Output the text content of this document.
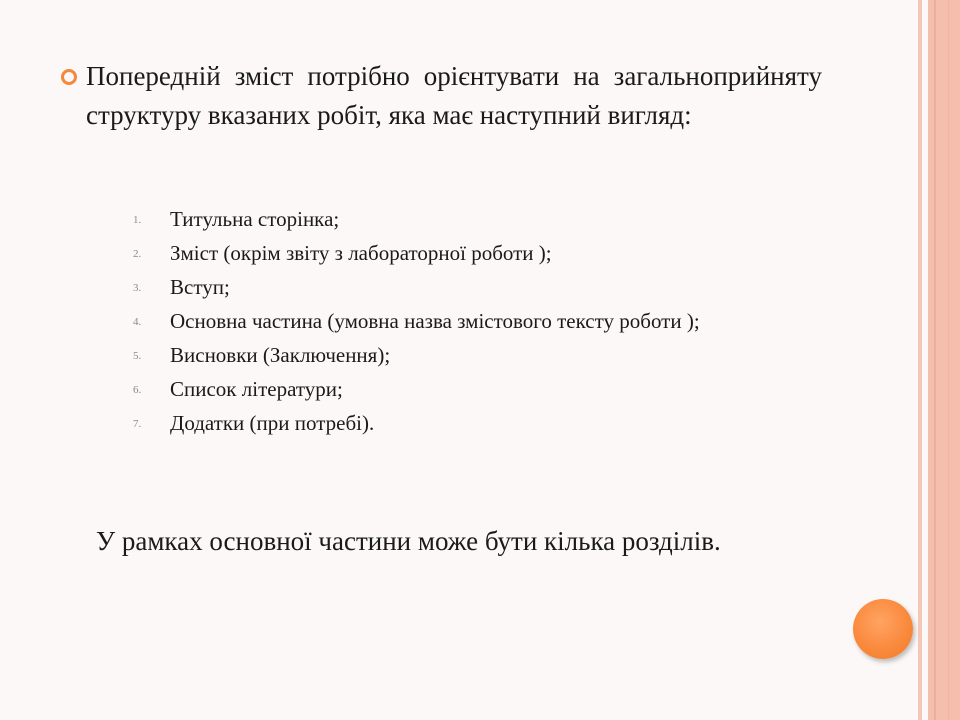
Попередній зміст потрібно орієнтувати на загальноприйняту структуру вказаних робіт, яка має наступний вигляд:

1. Титульна сторінка;
2. Зміст (окрім звіту з лабораторної роботи );
3. Вступ;
4. Основна частина (умовна назва змістового тексту роботи );
5. Висновки (Заключення);
6. Список літератури;
7. Додатки (при потребі).

У рамках основної частини може бути кілька розділів.
